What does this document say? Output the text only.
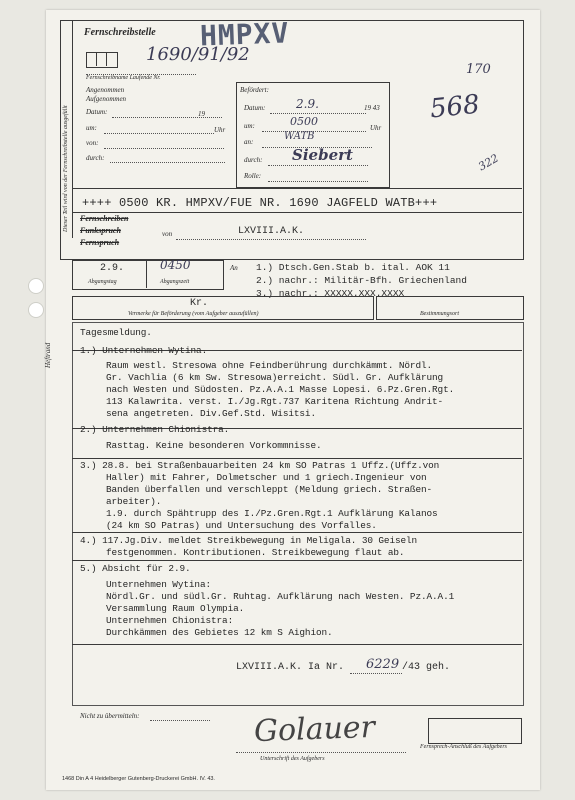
Heftrand
Dieser Teil wird von der Fernschreibstelle ausgefüllt
Fernschreibstelle HMPXV
1690/91/92
Fernschreibname Laufende Nr.
170
Angenommen
Aufgenommen
Datum:	19
um:	Uhr
von:
durch:
Befördert:
Datum:	2.9.	19 43
um:	0500	Uhr
an:	WATB
durch: Siebert
Rolle:
568
322
++++ 0500 KR. HMPXV/FUE NR. 1690 JAGFELD WATB+++
Fernschreiben
Funkspruch
Fernspruch
von	LXVIII.A.K.
2.9.	0450
Abgangstag	Abgangszeit
An 1.) Dtsch.Gen.Stab b. ital. AOK 11
2.) nachr.: Militär-Bfh. Griechenland
3.) nachr.: XXXXX.XXX.XXXX
Kr.
Vermerke für Beförderung (vom Aufgeber auszufüllen)	Bestimmungsort
Tagesmeldung.
1.) Unternehmen Wytina.
Raum westl. Stresowa ohne Feindberührung durchkämmt. Nördl.
Gr. Vachlia (6 km Sw. Stresowa)erreicht. Südl. Gr. Aufklärung
nach Westen und Südosten. Pz.A.A.1 Masse Lopesi. 6.Pz.Gren.Rgt.
113 Kalawrita. verst. I./Jg.Rgt.737 Karitena Richtung Andrit-
sena angetreten. Div.Gef.Std. Wisitsi.
2.) Unternehmen Chionistra.
Rasttag. Keine besonderen Vorkommnisse.
3.) 28.8. bei Straßenbauarbeiten 24 km SO Patras 1 Uffz.(Uffz.von
Haller) mit Fahrer, Dolmetscher und 1 griech.Ingenieur von
Banden überfallen und verschleppt (Meldung griech. Straßen-
arbeiter).
1.9. durch Spähtrupp des I./Pz.Gren.Rgt.1 Aufklärung Kalanos
(24 km SO Patras) und Untersuchung des Vorfalles.
4.) 117.Jg.Div. meldet Streikbewegung in Meligala. 30 Geiseln
festgenommen. Kontributionen. Streikbewegung flaut ab.
5.) Absicht für 2.9.
Unternehmen Wytina:
Nördl.Gr. und südl.Gr. Ruhtag. Aufklärung nach Westen. Pz.A.A.1
Versammlung Raum Olympia.
Unternehmen Chionistra:
Durchkämmen des Gebietes 12 km S Aighion.
LXVIII.A.K. Ia Nr. 6229 /43 geh.
Nicht zu übermitteln:	Golauer
Unterschrift des Aufgebers
Fernsprech-Anschluß des Aufgebers
1468 Din A 4 Heidelberger Gutenberg-Druckerei GmbH. IV. 43.
